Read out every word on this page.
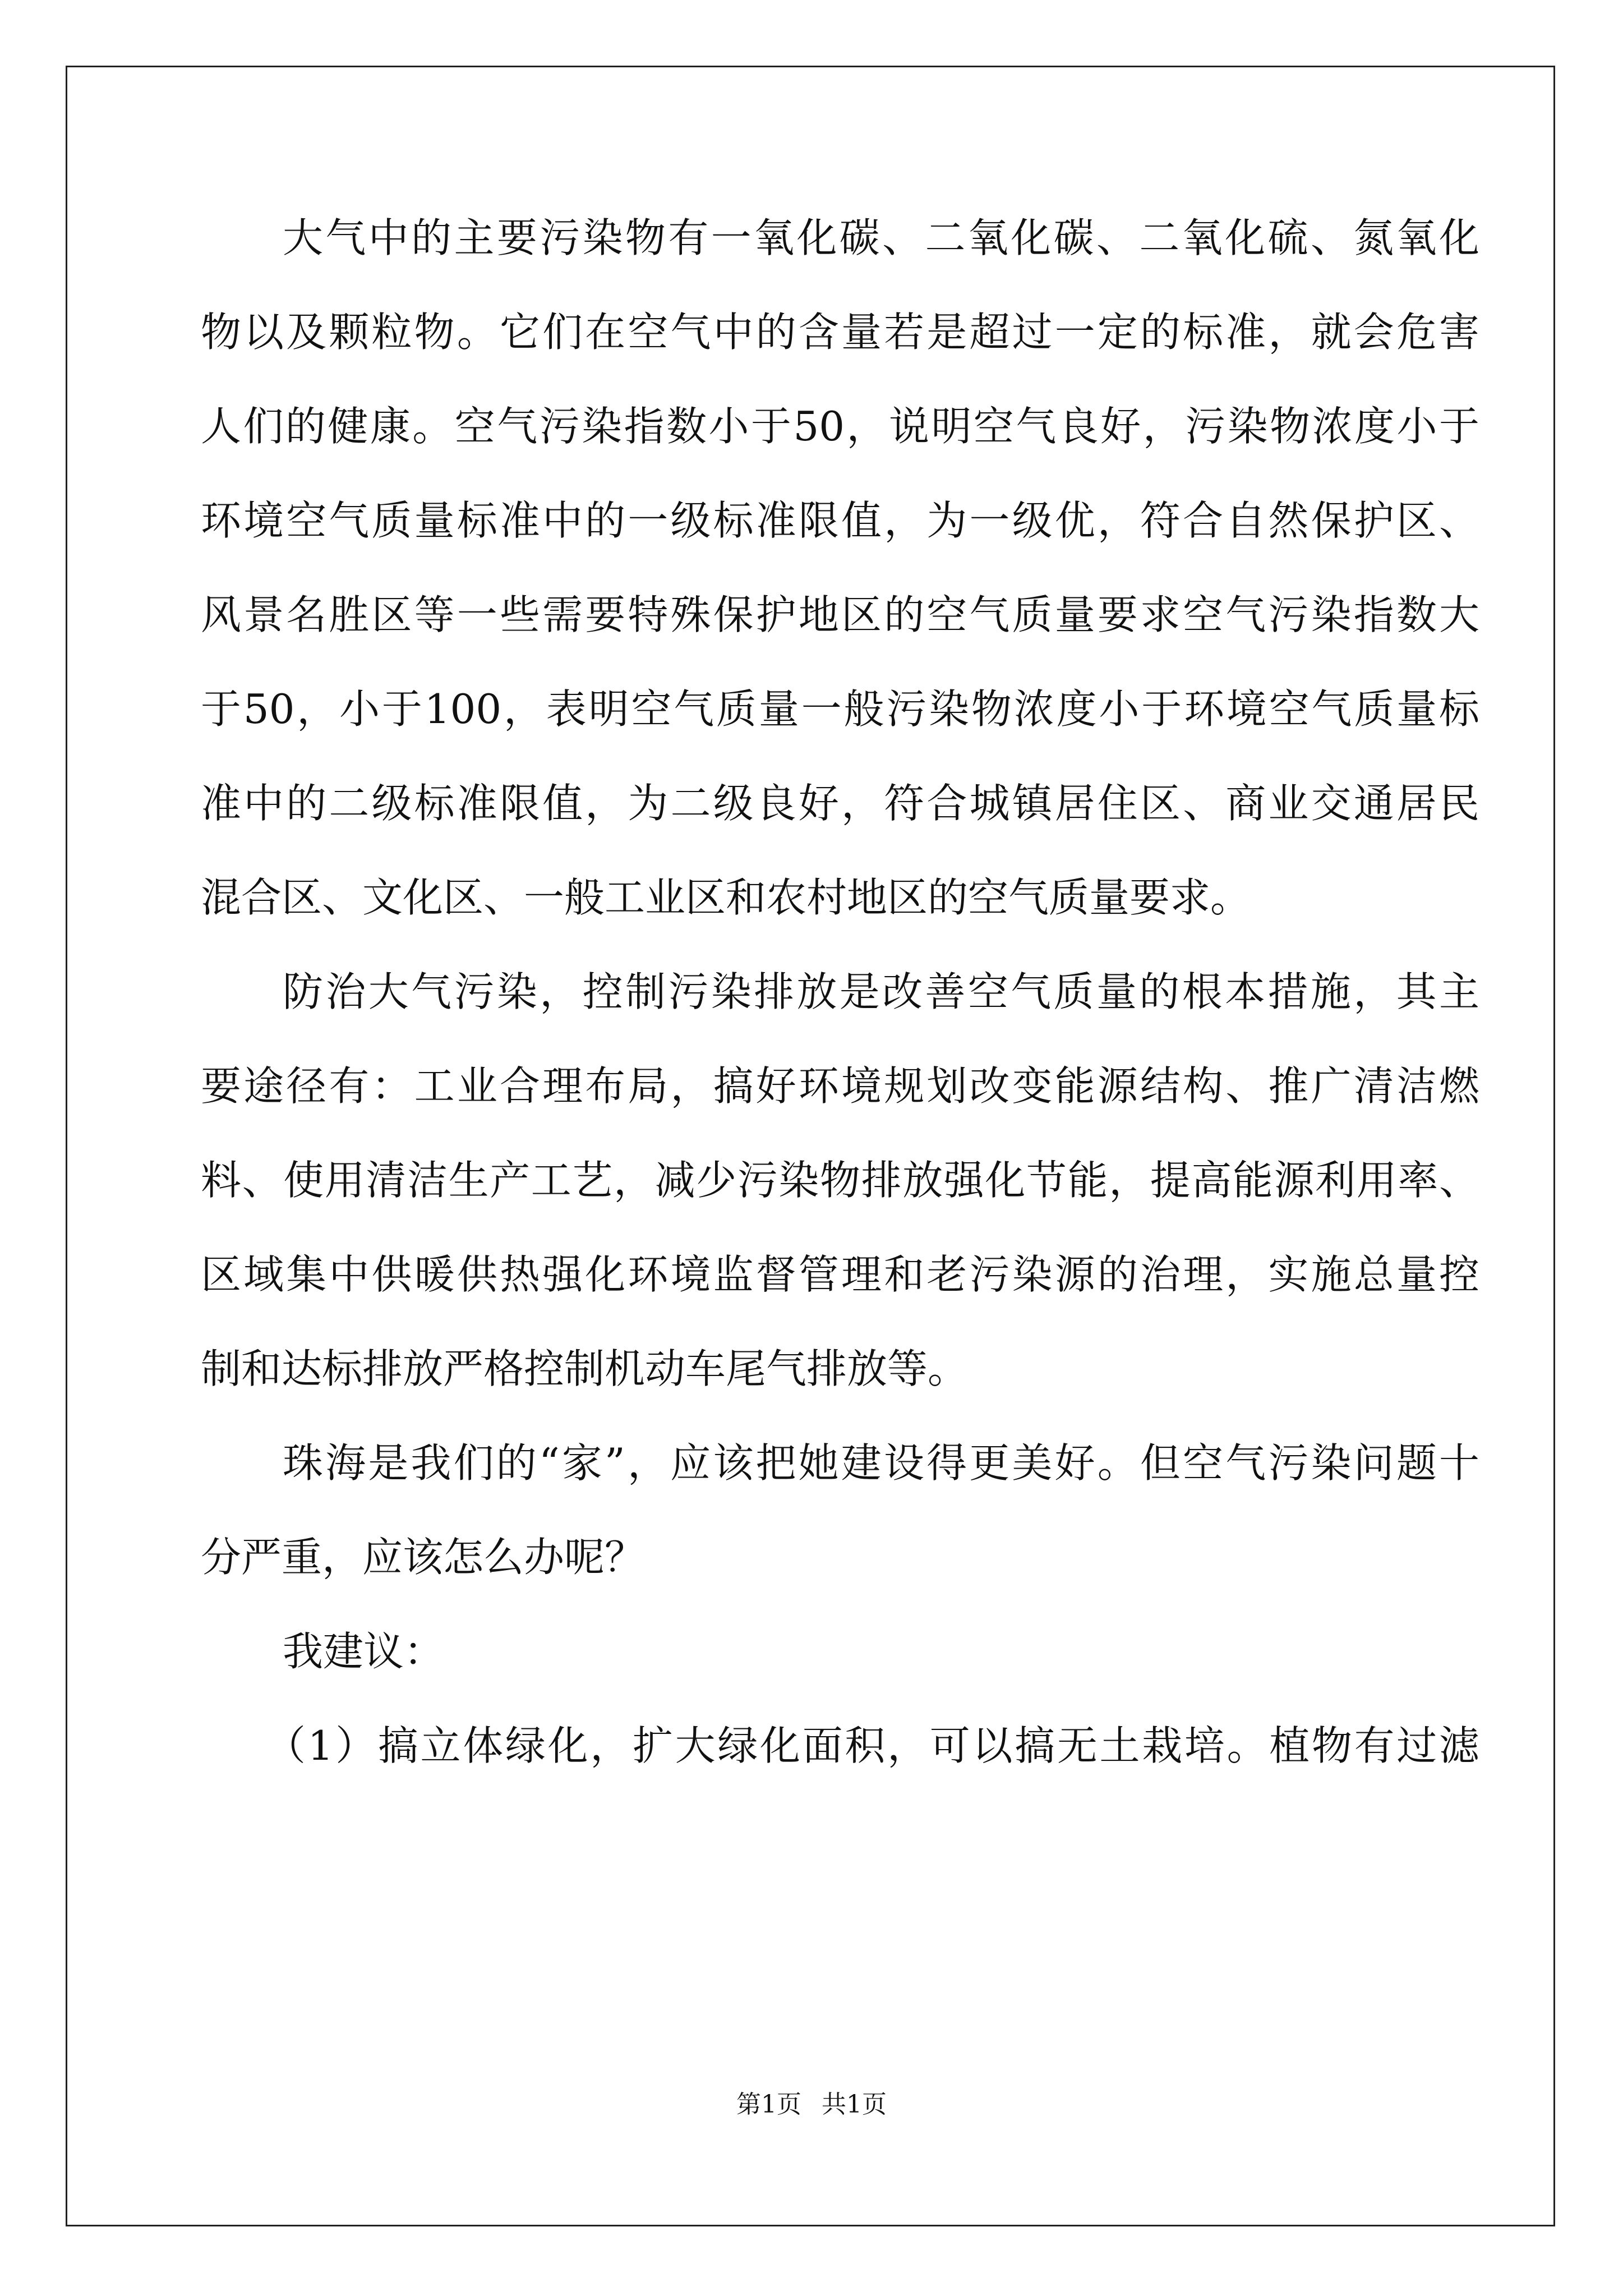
大气中的主要污染物有一氧化碳、二氧化碳、二氧化硫、氮氧化
物以及颗粒物。它们在空气中的含量若是超过一定的标准，就会危害
人们的健康。空气污染指数小于50，说明空气良好，污染物浓度小于
环境空气质量标准中的一级标准限值，为一级优，符合自然保护区、
风景名胜区等一些需要特殊保护地区的空气质量要求空气污染指数大
于50，小于100，表明空气质量一般污染物浓度小于环境空气质量标
准中的二级标准限值，为二级良好，符合城镇居住区、商业交通居民
混合区、文化区、一般工业区和农村地区的空气质量要求。
防治大气污染，控制污染排放是改善空气质量的根本措施，其主
要途径有：工业合理布局，搞好环境规划改变能源结构、推广清洁燃
料、使用清洁生产工艺，减少污染物排放强化节能，提高能源利用率、
区域集中供暖供热强化环境监督管理和老污染源的治理，实施总量控
制和达标排放严格控制机动车尾气排放等。
珠海是我们的“家”，应该把她建设得更美好。但空气污染问题十
分严重，应该怎么办呢？
我建议：
（1）搞立体绿化，扩大绿化面积，可以搞无土栽培。植物有过滤
第1页 共1页
